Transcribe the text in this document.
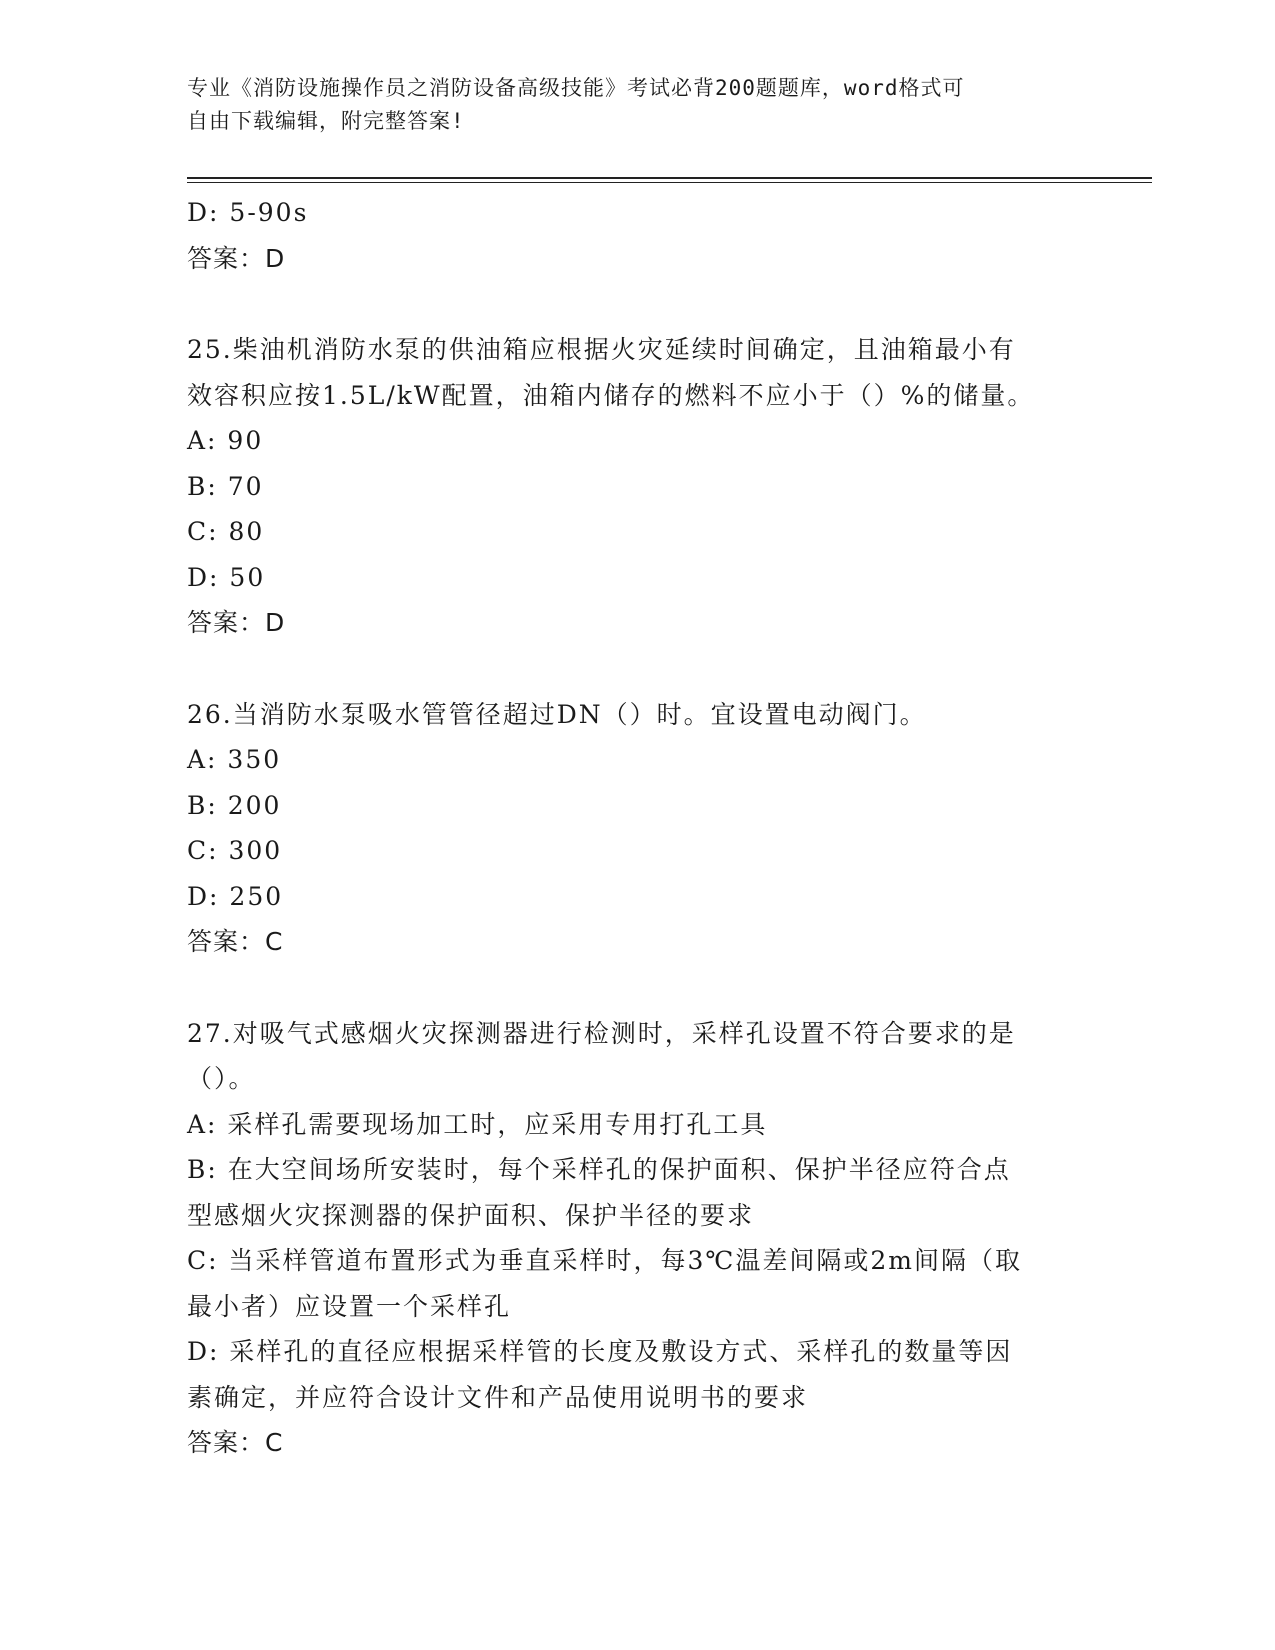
专业《消防设施操作员之消防设备高级技能》考试必背200题题库，word格式可
自由下载编辑，附完整答案!
D: 5-90s
答案：D
25.柴油机消防水泵的供油箱应根据火灾延续时间确定，且油箱最小有
效容积应按1.5L/kW配置，油箱内储存的燃料不应小于（）%的储量。
A: 90
B: 70
C: 80
D: 50
答案：D
26.当消防水泵吸水管管径超过DN（）时。宜设置电动阀门。
A: 350
B: 200
C: 300
D: 250
答案：C
27.对吸气式感烟火灾探测器进行检测时，采样孔设置不符合要求的是
（）。
A: 采样孔需要现场加工时，应采用专用打孔工具
B: 在大空间场所安装时，每个采样孔的保护面积、保护半径应符合点
型感烟火灾探测器的保护面积、保护半径的要求
C: 当采样管道布置形式为垂直采样时，每3℃温差间隔或2m间隔（取
最小者）应设置一个采样孔
D: 采样孔的直径应根据采样管的长度及敷设方式、采样孔的数量等因
素确定，并应符合设计文件和产品使用说明书的要求
答案：C
